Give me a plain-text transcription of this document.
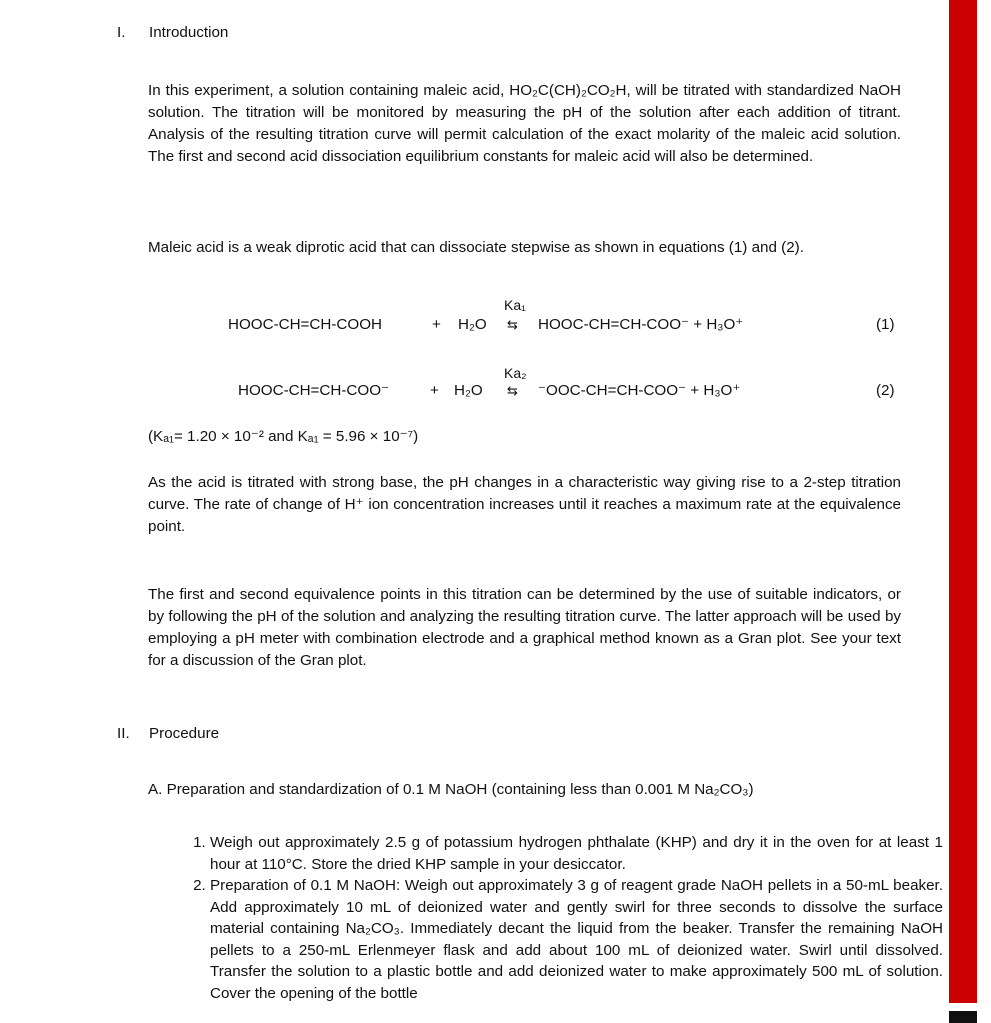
I. Introduction
In this experiment, a solution containing maleic acid, HO₂C(CH)₂CO₂H, will be titrated with standardized NaOH solution. The titration will be monitored by measuring the pH of the solution after each addition of titrant. Analysis of the resulting titration curve will permit calculation of the exact molarity of the maleic acid solution. The first and second acid dissociation equilibrium constants for maleic acid will also be determined.
Maleic acid is a weak diprotic acid that can dissociate stepwise as shown in equations (1) and (2).
Ka₁
HOOC-CH=CH-COOH	+ H₂O ⇆ HOOC-CH=CH-COO⁻ + H₃O⁺	(1)
Ka₂
HOOC-CH=CH-COO⁻	+ H₂O ⇆ ⁻OOC-CH=CH-COO⁻ + H₃O⁺	(2)
(Kₐ₁= 1.20 × 10⁻² and Kₐ₁ = 5.96 × 10⁻⁷)
As the acid is titrated with strong base, the pH changes in a characteristic way giving rise to a 2-step titration curve. The rate of change of H⁺ ion concentration increases until it reaches a maximum rate at the equivalence point.
The first and second equivalence points in this titration can be determined by the use of suitable indicators, or by following the pH of the solution and analyzing the resulting titration curve. The latter approach will be used by employing a pH meter with combination electrode and a graphical method known as a Gran plot. See your text for a discussion of the Gran plot.
II. Procedure
A. Preparation and standardization of 0.1 M NaOH (containing less than 0.001 M Na₂CO₃)
1. Weigh out approximately 2.5 g of potassium hydrogen phthalate (KHP) and dry it in the oven for at least 1 hour at 110°C. Store the dried KHP sample in your desiccator.
2. Preparation of 0.1 M NaOH: Weigh out approximately 3 g of reagent grade NaOH pellets in a 50-mL beaker. Add approximately 10 mL of deionized water and gently swirl for three seconds to dissolve the surface material containing Na₂CO₃. Immediately decant the liquid from the beaker. Transfer the remaining NaOH pellets to a 250-mL Erlenmeyer flask and add about 100 mL of deionized water. Swirl until dissolved. Transfer the solution to a plastic bottle and add deionized water to make approximately 500 mL of solution. Cover the opening of the bottle
